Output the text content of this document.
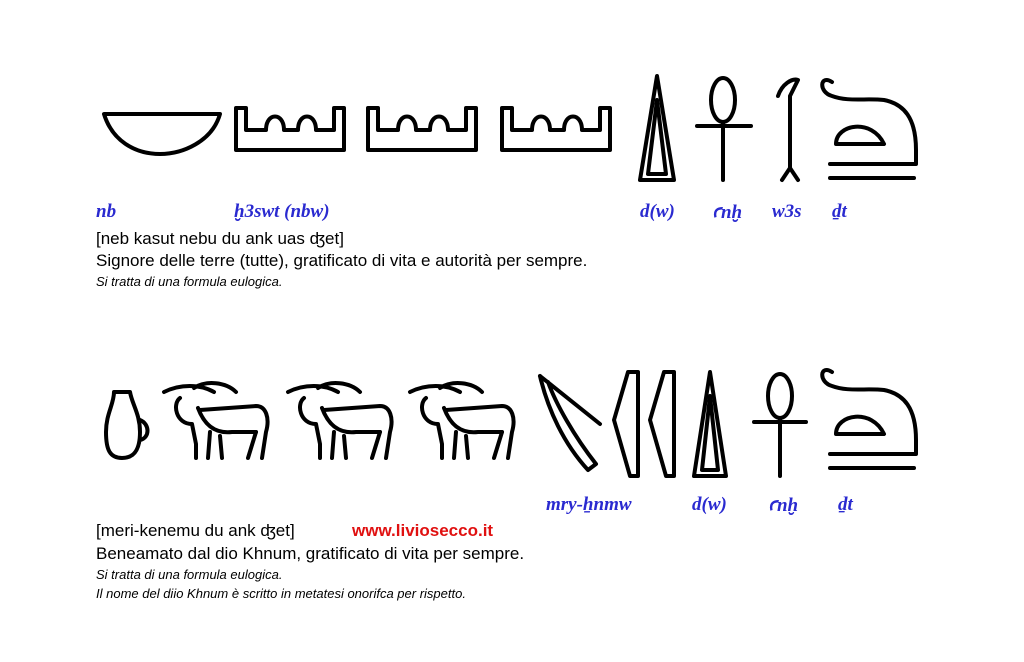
nb	ḫ3swt (nbw)	d(w) ꜥnḫ w3s ḏt
[neb kasut nebu du ank uas ʤet]
Signore delle terre (tutte), gratificato di vita e autorità per sempre.
Si tratta di una formula eulogica.
mry-ẖnmw	d(w) ꜥnḫ ḏt
[meri-kenemu du ank ʤet]	www.liviosecco.it
Beneamato dal dio Khnum, gratificato di vita per sempre.
Si tratta di una formula eulogica.
Il nome del diio Khnum è scritto in metatesi onorifca per rispetto.
